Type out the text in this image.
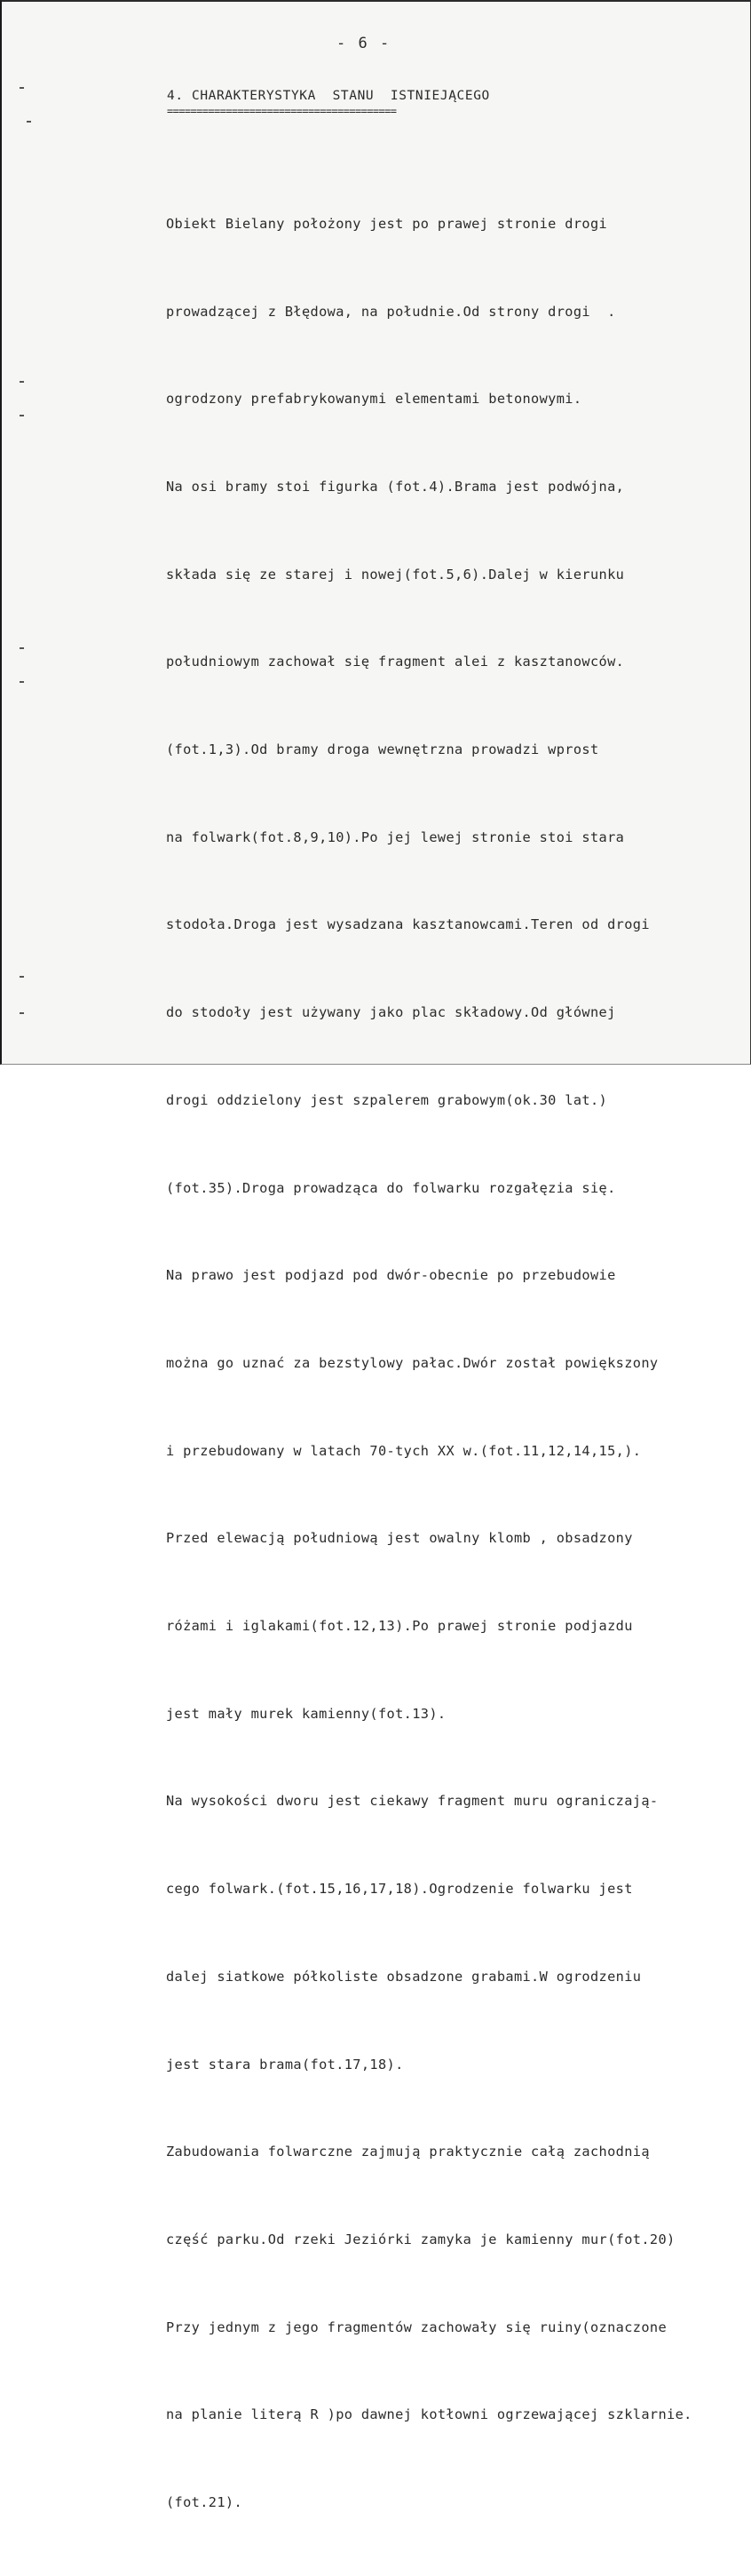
- 6 -
4. CHARAKTERYSTYKA  STANU  ISTNIEJĄCEGO
=======================================

Obiekt Bielany położony jest po prawej stronie drogi

prowadzącej z Błędowa, na południe.Od strony drogi  .

ogrodzony prefabrykowanymi elementami betonowymi.

Na osi bramy stoi figurka (fot.4).Brama jest podwójna,

składa się ze starej i nowej(fot.5,6).Dalej w kierunku

południowym zachował się fragment alei z kasztanowców.

(fot.1,3).Od bramy droga wewnętrzna prowadzi wprost

na folwark(fot.8,9,10).Po jej lewej stronie stoi stara

stodoła.Droga jest wysadzana kasztanowcami.Teren od drogi

do stodoły jest używany jako plac składowy.Od głównej

drogi oddzielony jest szpalerem grabowym(ok.30 lat.)

(fot.35).Droga prowadząca do folwarku rozgałęzia się.

Na prawo jest podjazd pod dwór-obecnie po przebudowie

można go uznać za bezstylowy pałac.Dwór został powiększony

i przebudowany w latach 70-tych XX w.(fot.11,12,14,15,).

Przed elewacją południową jest owalny klomb , obsadzony

różami i iglakami(fot.12,13).Po prawej stronie podjazdu

jest mały murek kamienny(fot.13).

Na wysokości dworu jest ciekawy fragment muru ograniczają-

cego folwark.(fot.15,16,17,18).Ogrodzenie folwarku jest

dalej siatkowe półkoliste obsadzone grabami.W ogrodzeniu

jest stara brama(fot.17,18).

Zabudowania folwarczne zajmują praktycznie całą zachodnią

część parku.Od rzeki Jeziórki zamyka je kamienny mur(fot.20)

Przy jednym z jego fragmentów zachowały się ruiny(oznaczone

na planie literą R )po dawnej kotłowni ogrzewającej szklarnie.

(fot.21).
